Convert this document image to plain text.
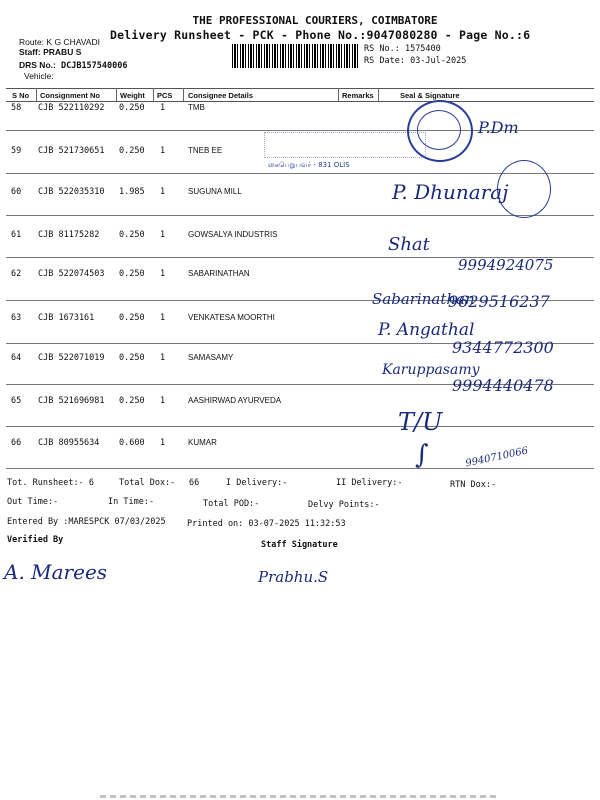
THE PROFESSIONAL COURIERS, COIMBATORE
Delivery Runsheet - PCK - Phone No.:9047080280 - Page No.:6
Route: K G CHAVADI
Staff: PRABU S
DRS No.: DCJB157540006
Vehicle:
RS No.: 1575400
RS Date: 03-Jul-2025
S No Consignment No	Weight PCS Consignee Details	Remarks	Seal & Signature
58 CJB 522110292 0.250 1	TMB
59 CJB 521730651 0.250 1	TNEB EE
60 CJB 522035310 1.985 1	SUGUNA MILL
61 CJB 81175282 0.250 1	GOWSALYA INDUSTRIS
62 CJB 522074503 0.250 1	SABARINATHAN
63 CJB 1673161	0.250 1	VENKATESA MOORTHI
64 CJB 522071019 0.250 1	SAMASAMY
65 CJB 521696981 0.250 1	AASHIRWAD AYURVEDA
66 CJB 80955634 0.600 1	KUMAR
P.Dm
கைபெறுபவர் - 831 OLIS
P. Dhunaraj
Shat
9994924075
Sabarinathan
9629516237
P. Angathal
9344772300
Karuppasamy
9994440478
T/U
∫	9940710066
Tot. Runsheet:- 6	Total Dox:- 66	I Delivery:-	II Delivery:-	RTN Dox:-
Out Time:-	In Time:-	Total POD:-	Delvy Points:-
Entered By :MARESPCK 07/03/2025	Printed on: 03-07-2025 11:32:53
Verified By	Staff Signature
A. Marees	Prabhu.S
